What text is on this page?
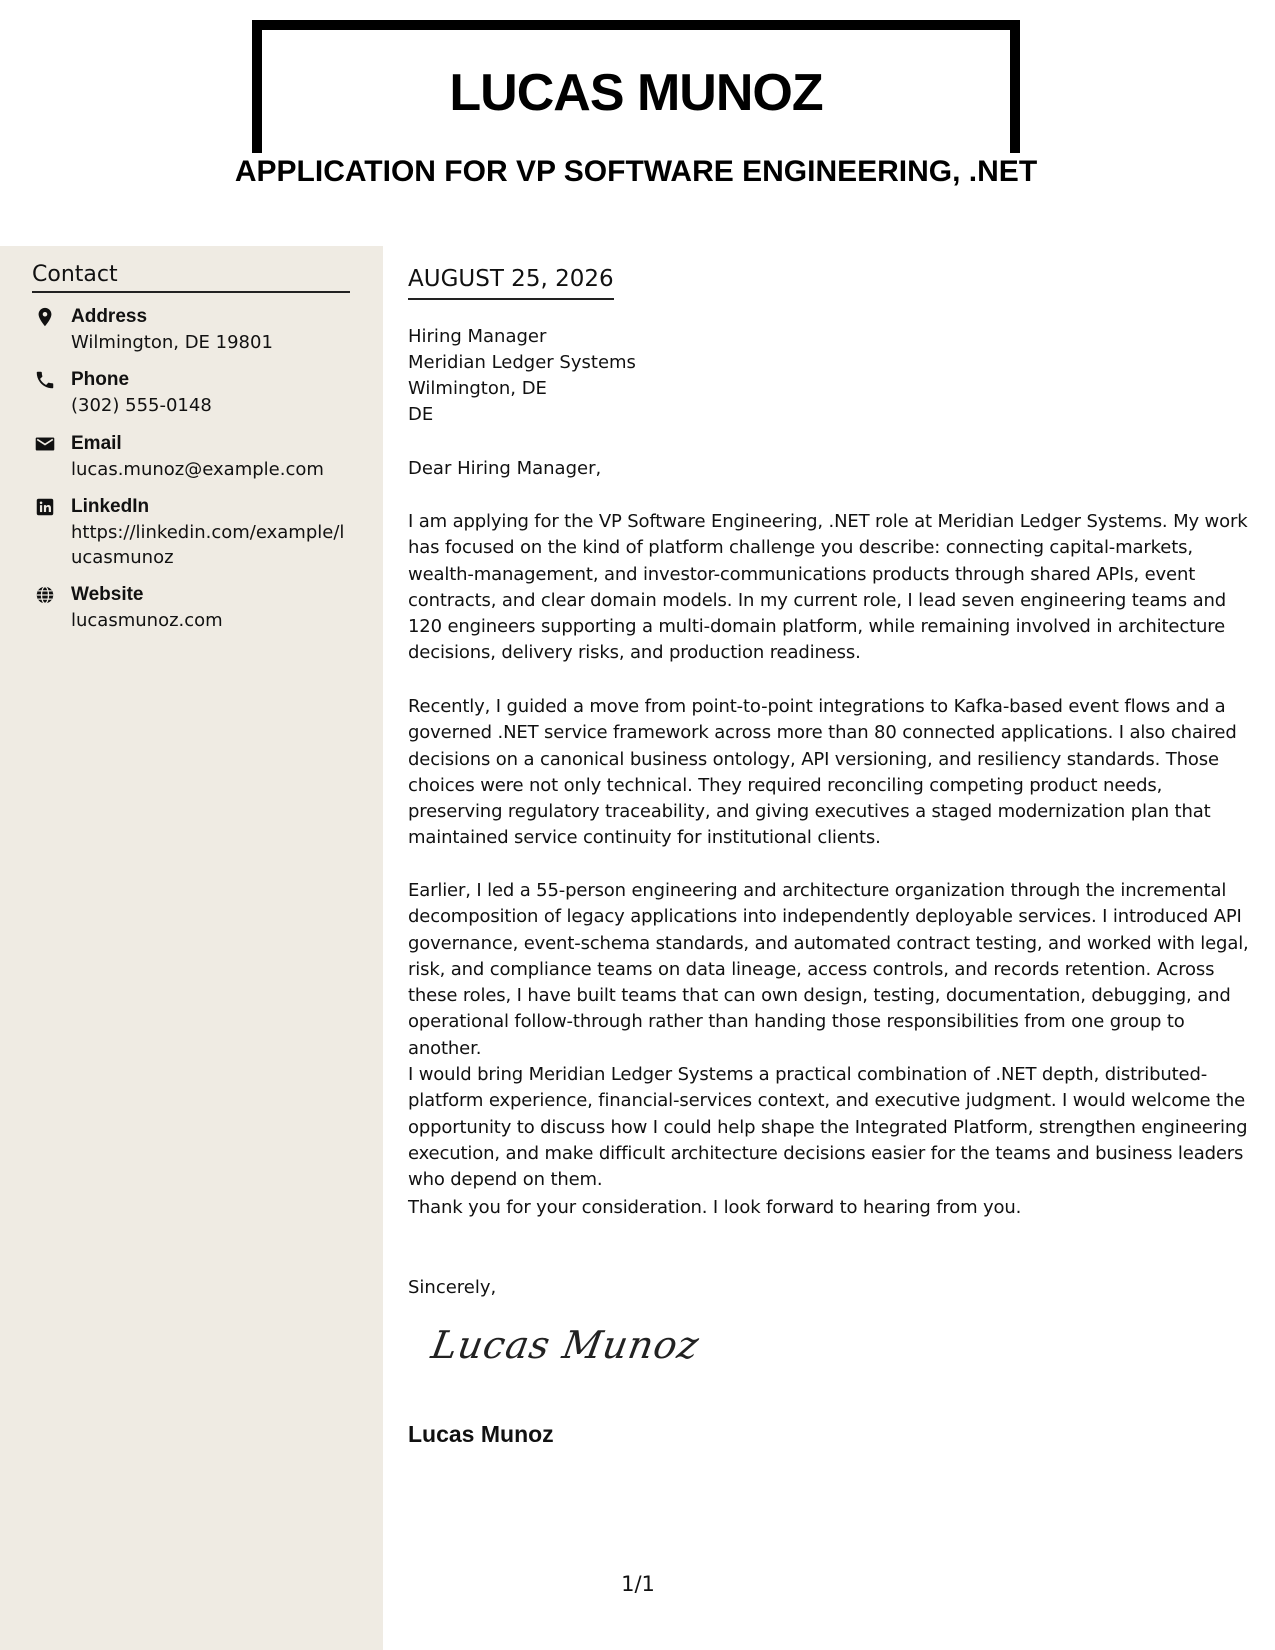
LUCAS MUNOZ
APPLICATION FOR VP SOFTWARE ENGINEERING, .NET
Contact
Address
Wilmington, DE 19801
Phone
(302) 555-0148
Email
lucas.munoz@example.com
LinkedIn
https://linkedin.com/example/lucasmunoz
Website
lucasmunoz.com
AUGUST 25, 2026
Hiring Manager
Meridian Ledger Systems
Wilmington, DE
DE

Dear Hiring Manager,

I am applying for the VP Software Engineering, .NET role at Meridian Ledger Systems. My work has focused on the kind of platform challenge you describe: connecting capital-markets, wealth-management, and investor-communications products through shared APIs, event contracts, and clear domain models. In my current role, I lead seven engineering teams and 120 engineers supporting a multi-domain platform, while remaining involved in architecture decisions, delivery risks, and production readiness.

Recently, I guided a move from point-to-point integrations to Kafka-based event flows and a governed .NET service framework across more than 80 connected applications. I also chaired decisions on a canonical business ontology, API versioning, and resiliency standards. Those choices were not only technical. They required reconciling competing product needs, preserving regulatory traceability, and giving executives a staged modernization plan that maintained service continuity for institutional clients.

Earlier, I led a 55-person engineering and architecture organization through the incremental decomposition of legacy applications into independently deployable services. I introduced API governance, event-schema standards, and automated contract testing, and worked with legal, risk, and compliance teams on data lineage, access controls, and records retention. Across these roles, I have built teams that can own design, testing, documentation, debugging, and operational follow-through rather than handing those responsibilities from one group to another.

I would bring Meridian Ledger Systems a practical combination of .NET depth, distributed-platform experience, financial-services context, and executive judgment. I would welcome the opportunity to discuss how I could help shape the Integrated Platform, strengthen engineering execution, and make difficult architecture decisions easier for the teams and business leaders who depend on them.

Thank you for your consideration. I look forward to hearing from you.

Sincerely,

Lucas Munoz

Lucas Munoz

1/1
